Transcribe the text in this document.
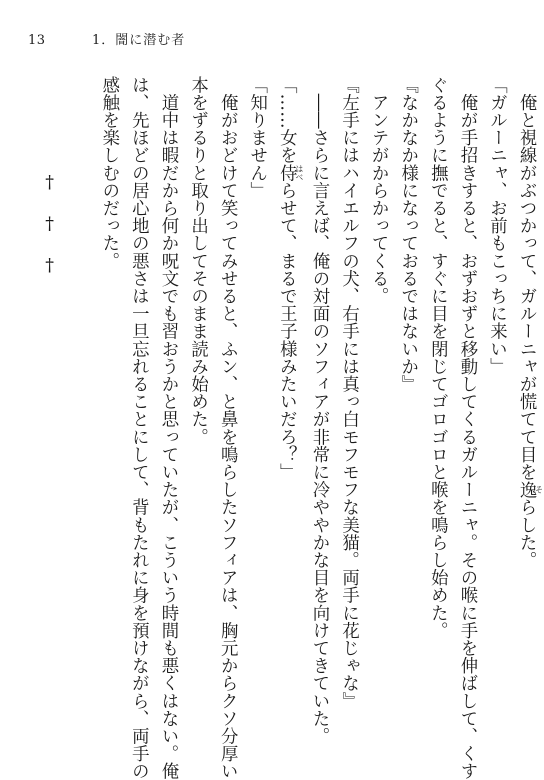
13	1．闇に潜む者
　俺と視線がぶつかって、ガルーニャが慌てて目を逸そらした。
「ガルーニャ、お前もこっちに来い」
　俺が手招きすると、おずおずと移動してくるガルーニャ。その喉に手を伸ばして、くす
ぐるように撫でると、すぐに目を閉じてゴロゴロと喉を鳴らし始めた。
『なかなか様になっておるではないか』
　アンテがからかってくる。
『左手にはハイエルフの犬、右手には真っ白モフモフな美猫。両手に花じゃな』
　――さらに言えば、俺の対面のソフィアが非常に冷ややかな目を向けてきていた。
「……女を侍はべらせて、まるで王子様みたいだろ？」
「知りません」
　俺がおどけて笑ってみせると、ふン、と鼻を鳴らしたソフィアは、胸元からクソ分厚い
本をずるりと取り出してそのまま読み始めた。
　道中は暇だから何か呪文でも習おうかと思っていたが、こういう時間も悪くはない。俺
は、先ほどの居心地の悪さは一旦忘れることにして、背もたれに身を預けながら、両手の
感触を楽しむのだった。

　　　　　†　†　†
